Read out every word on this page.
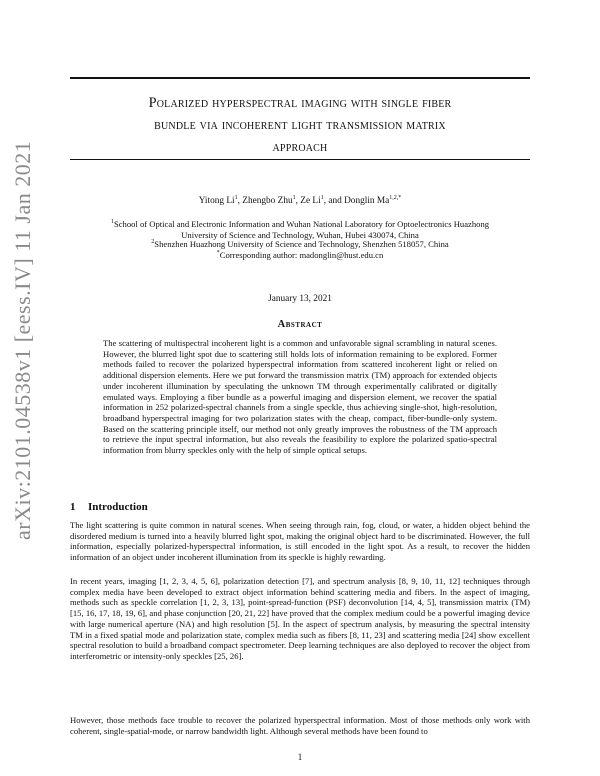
arXiv:2101.04538v1 [eess.IV] 11 Jan 2021
Polarized hyperspectral imaging with single fiber
bundle via incoherent light transmission matrix
approach
Yitong Li$^1$, Zhengbo Zhu$^1$, Ze Li$^1$, and Donglin $Ma^{1,2,*}$
$^1$School of Optical and Electronic Information and Wuhan National Laboratory for Optoelectronics Huazhong
University of Science and Technology, Wuhan, Hubei 430074, China
$^2$Shenzhen Huazhong University of Science and Technology, Shenzhen 518057, China
*Corresponding author: madonglin@hust.edu.cn
January 13, 2021
Abstract

The scattering of multispectral incoherent light is a common and unfavorable signal scrambling in natural scenes. However, the blurred light spot due to scattering still holds lots of information remaining to be explored. Former methods failed to recover the polarized hyperspectral information from scattered incoherent light or relied on additional dispersion elements. Here we put forward the transmission matrix (TM) approach for extended objects under incoherent illumination by speculating the unknown TM through experimentally calibrated or digitally emulated ways. Employing a fiber bundle as a powerful imaging and dispersion element, we recover the spatial information in 252 polarized-spectral channels from a single speckle, thus achieving single-shot, high-resolution, broadband hyperspectral imaging for two polarization states with the cheap, compact, fiber-bundle-only system. Based on the scattering principle itself, our method not only greatly improves the robustness of the TM approach to retrieve the input spectral information, but also reveals the feasibility to explore the polarized spatio-spectral information from blurry speckles only with the help of simple optical setups.

1 Introduction

The light scattering is quite common in natural scenes. When seeing through rain, fog, cloud, or water, a hidden object behind the disordered medium is turned into a heavily blurred light spot, making the original object hard to be discriminated. However, the full information, especially polarized-hyperspectral information, is still encoded in the light spot. As a result, to recover the hidden information of an object under incoherent illumination from its speckle is highly rewarding.

In recent years, imaging [1, 2, 3, 4, 5, 6], polarization detection [7], and spectrum analysis [8, 9, 10, 11, 12] techniques through complex media have been developed to extract object information behind scattering media and fibers. In the aspect of imaging, methods such as speckle correlation [1, 2, 3, 13], point-spread-function (PSF) deconvolution [14, 4, 5], transmission matrix (TM) [15, 16, 17, 18, 19, 6], and phase conjunction [20, 21, 22] have proved that the complex medium could be a powerful imaging device with large numerical aperture (NA) and high resolution [5]. In the aspect of spectrum analysis, by measuring the spectral intensity TM in a fixed spatial mode and polarization state, complex media such as fibers [8, 11, 23] and scattering media [24] show excellent spectral resolution to build a broadband compact spectrometer. Deep learning techniques are also deployed to recover the object from interferometric or intensity-only speckles [25, 26].

However, those methods face trouble to recover the polarized hyperspectral information. Most of those methods only work with coherent, single-spatial-mode, or narrow bandwidth light. Although several methods have been found to

1
